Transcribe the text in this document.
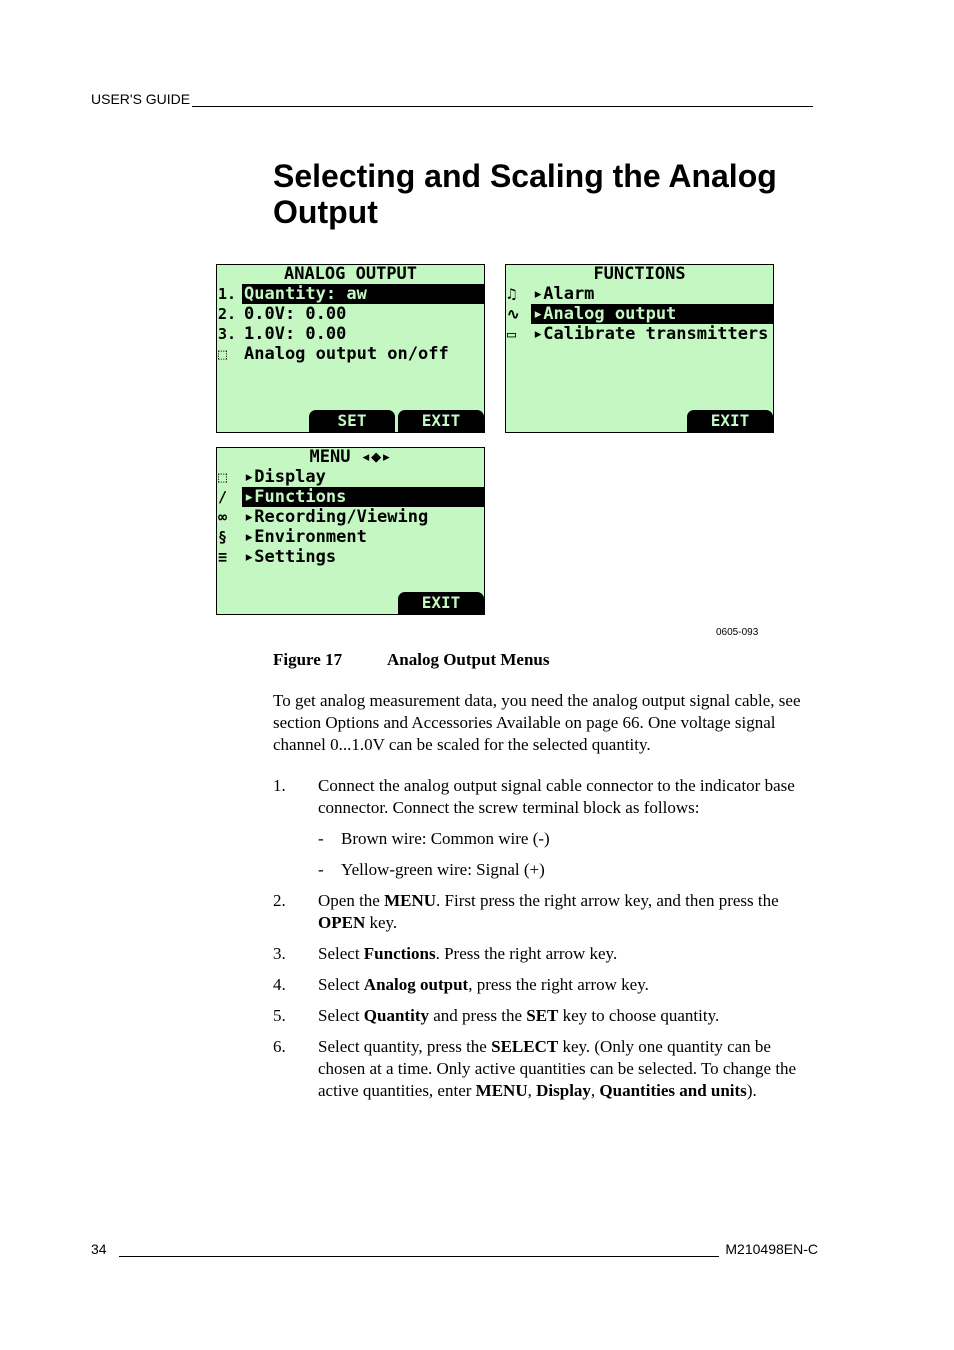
USER'S GUIDE
Selecting and Scaling the Analog Output
ANALOG OUTPUT
1. Quantity: aw
2. 0.0V: 0.00
3. 1.0V: 0.00
⬚ Analog output on/off
SET	EXIT
FUNCTIONS
♫ ▸Alarm
∿ ▸Analog output
▭ ▸Calibrate transmitters
EXIT
MENU ◂◆▸
⬚ ▸Display
∕ ▸Functions
∞ ▸Recording/Viewing
§ ▸Environment
≡ ▸Settings
EXIT
0605-093
Figure 17	Analog Output Menus
To get analog measurement data, you need the analog output signal cable, see section Options and Accessories Available on page 66. One voltage signal channel 0...1.0V can be scaled for the selected quantity.
1.	Connect the analog output signal cable connector to the indicator base connector. Connect the screw terminal block as follows:
-	Brown wire: Common wire (-)
-	Yellow-green wire: Signal (+)
2.	Open the MENU. First press the right arrow key, and then press the OPEN key.
3.	Select Functions. Press the right arrow key.
4.	Select Analog output, press the right arrow key.
5.	Select Quantity and press the SET key to choose quantity.
6.	Select quantity, press the SELECT key. (Only one quantity can be chosen at a time. Only active quantities can be selected. To change the active quantities, enter MENU, Display, Quantities and units).
34	M210498EN-C
